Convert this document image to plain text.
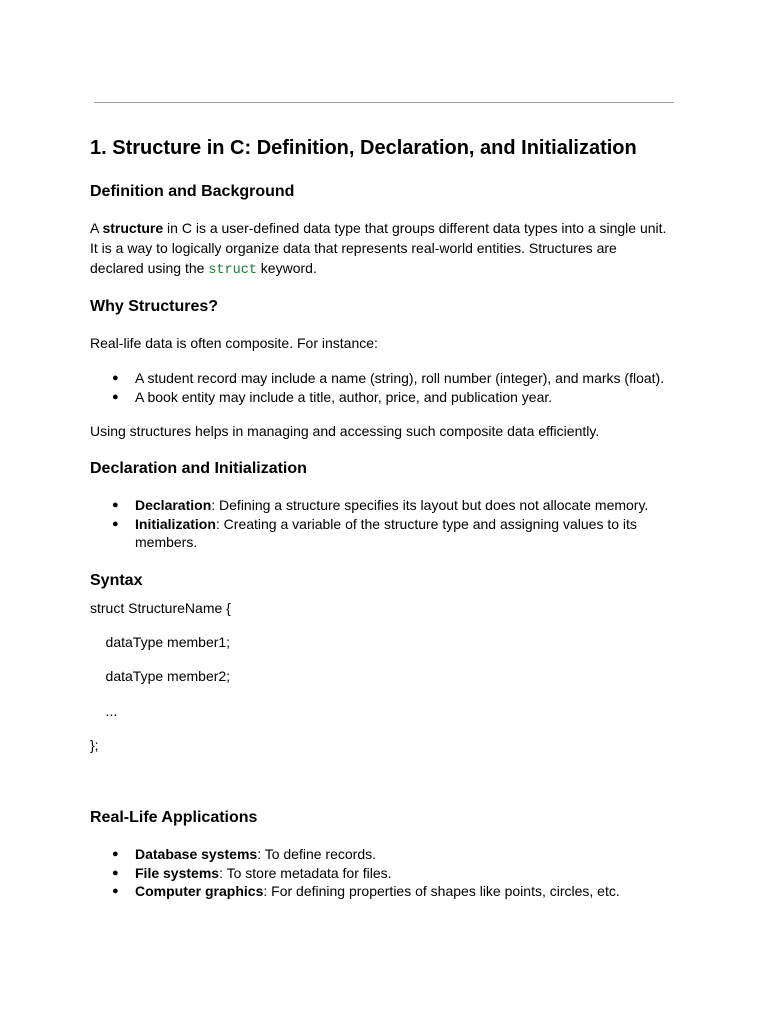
1. Structure in C: Definition, Declaration, and Initialization
Definition and Background

A structure in C is a user-defined data type that groups different data types into a single unit. It is a way to logically organize data that represents real-world entities. Structures are declared using the struct keyword.

Why Structures?

Real-life data is often composite. For instance:

● A student record may include a name (string), roll number (integer), and marks (float).
● A book entity may include a title, author, price, and publication year.

Using structures helps in managing and accessing such composite data efficiently.

Declaration and Initialization
● Declaration: Defining a structure specifies its layout but does not allocate memory.
● Initialization: Creating a variable of the structure type and assigning values to its members.
Syntax

struct StructureName {

dataType member1;

dataType member2;

...

};

Real-Life Applications
● Database systems: To define records.
● File systems: To store metadata for files.
● Computer graphics: For defining properties of shapes like points, circles, etc.
